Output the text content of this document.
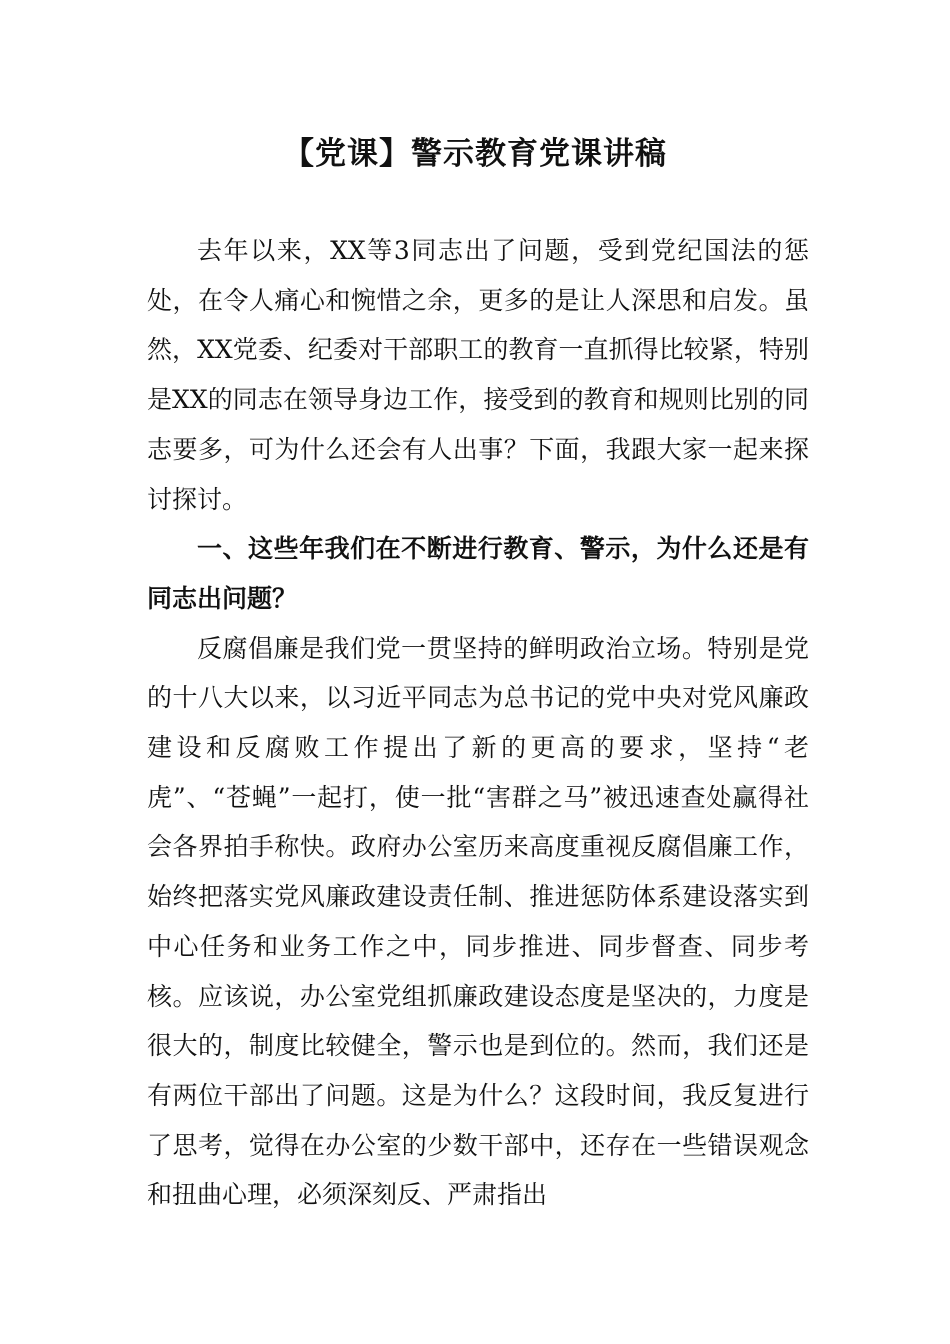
【党课】警示教育党课讲稿

去年以来，XX等3同志出了问题，受到党纪国法的惩处，在令人痛心和惋惜之余，更多的是让人深思和启发。虽然，XX党委、纪委对干部职工的教育一直抓得比较紧，特别是XX的同志在领导身边工作，接受到的教育和规则比别的同志要多，可为什么还会有人出事？下面，我跟大家一起来探讨探讨。

一、这些年我们在不断进行教育、警示，为什么还是有同志出问题？

反腐倡廉是我们党一贯坚持的鲜明政治立场。特别是党的十八大以来，以习近平同志为总书记的党中央对党风廉政建设和反腐败工作提出了新的更高的要求，坚持“老虎”、“苍蝇”一起打，使一批“害群之马”被迅速查处赢得社会各界拍手称快。政府办公室历来高度重视反腐倡廉工作，始终把落实党风廉政建设责任制、推进惩防体系建设落实到中心任务和业务工作之中，同步推进、同步督查、同步考核。应该说，办公室党组抓廉政建设态度是坚决的，力度是很大的，制度比较健全，警示也是到位的。然而，我们还是有两位干部出了问题。这是为什么？这段时间，我反复进行了思考，觉得在办公室的少数干部中，还存在一些错误观念和扭曲心理，必须深刻反、严肃指出
